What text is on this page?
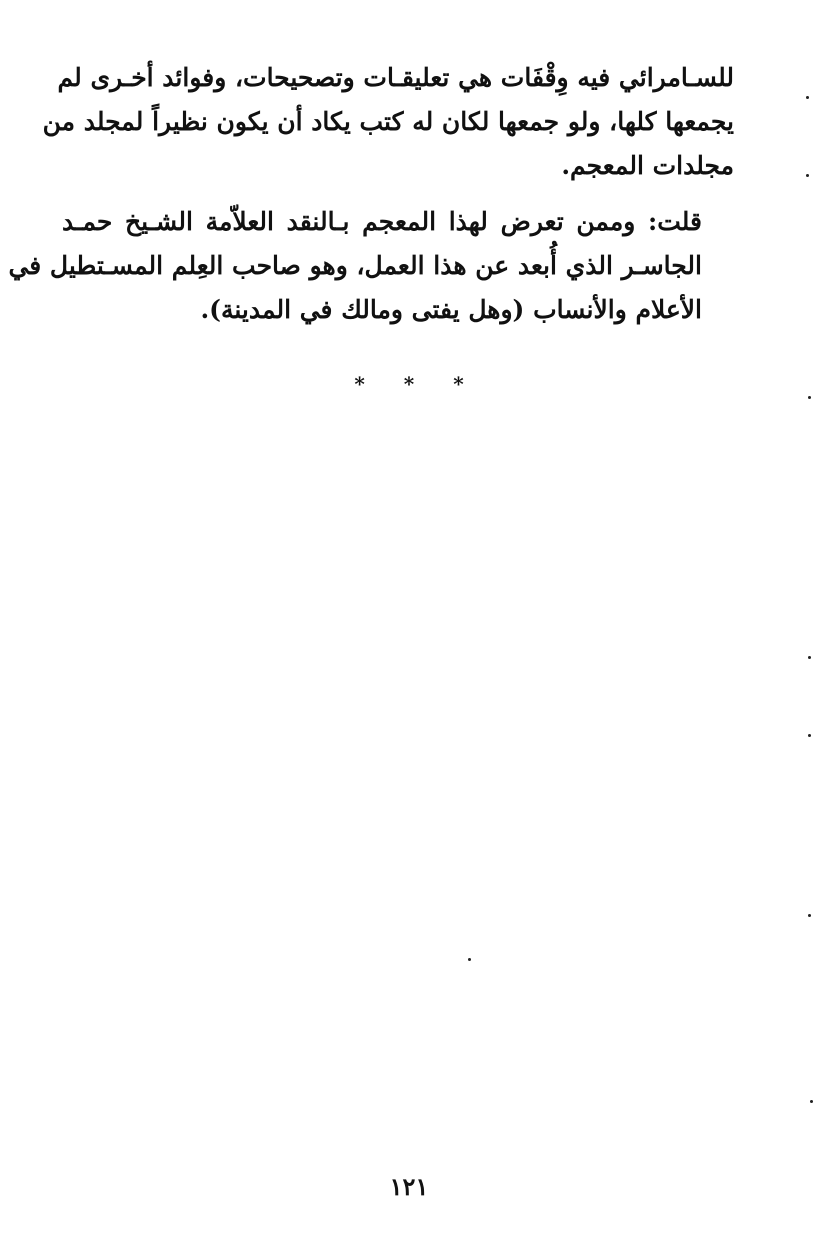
للسـامرائي فيه وِقْفَات هي تعليقـات وتصحيحات، وفوائد أخـرى لم
يجمعها كلها، ولو جمعها لكان له كتب يكاد أن يكون نظيراً لمجلد من
مجلدات المعجم.
قلت: وممن تعرض لهذا المعجم بـالنقد العلاّمة الشـيخ حمـد
الجاسـر الذي أُبعد عن هذا العمل، وهو صاحب العِلم المسـتطيل في
الأعلام والأنساب (وهل يفتى ومالك في المدينة).
* * *
١٢١
